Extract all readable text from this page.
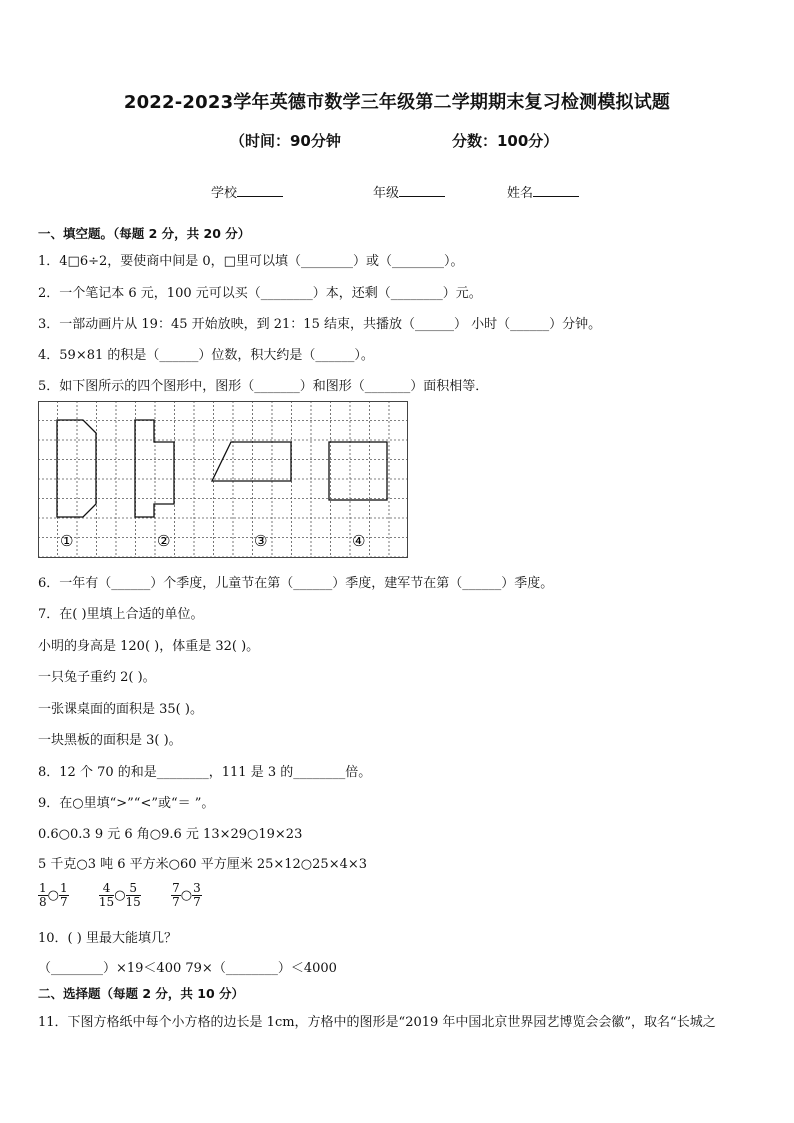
2022-2023学年英德市数学三年级第二学期期末复习检测模拟试题
（时间：90分钟	分数：100分）
学校	年级	姓名
一、填空题。（每题 2 分，共 20 分）
1．4□6÷2，要使商中间是 0，□里可以填（________）或（________）。
2．一个笔记本 6 元，100 元可以买（________）本，还剩（________）元。
3．一部动画片从 19：45 开始放映，到 21：15 结束，共播放（______） 小时（______）分钟。
4．59×81 的积是（______）位数，积大约是（______）。
5．如下图所示的四个图形中，图形（_______）和图形（_______）面积相等．
①	②	③	④
6．一年有（______）个季度，儿童节在第（______）季度，建军节在第（______）季度。
7．在( )里填上合适的单位。
小明的身高是 120( )，体重是 32( )。
一只兔子重约 2( )。
一张课桌面的面积是 35( )。
一块黑板的面积是 3( )。
8．12 个 70 的和是________，111 是 3 的________倍。
9．在○里填“>”“<”或“＝ ”。
0.6○0.3 9 元 6 角○9.6 元 13×29○19×23
5 千克○3 吨 6 平方米○60 平方厘米 25×12○25×4×3
$\frac{1}{8}$ ○ $\frac{1}{7}$
	$\frac{4}{15}$ ○ $\frac{5}{15}$
	$\frac{7}{7}$ ○ $\frac{3}{7}$
10．( ) 里最大能填几？
（________）×19＜400 79×（________）＜4000
二、选择题（每题 2 分，共 10 分）
11．下图方格纸中每个小方格的边长是 1cm，方格中的图形是“2019 年中国北京世界园艺博览会会徽”，取名“长城之
